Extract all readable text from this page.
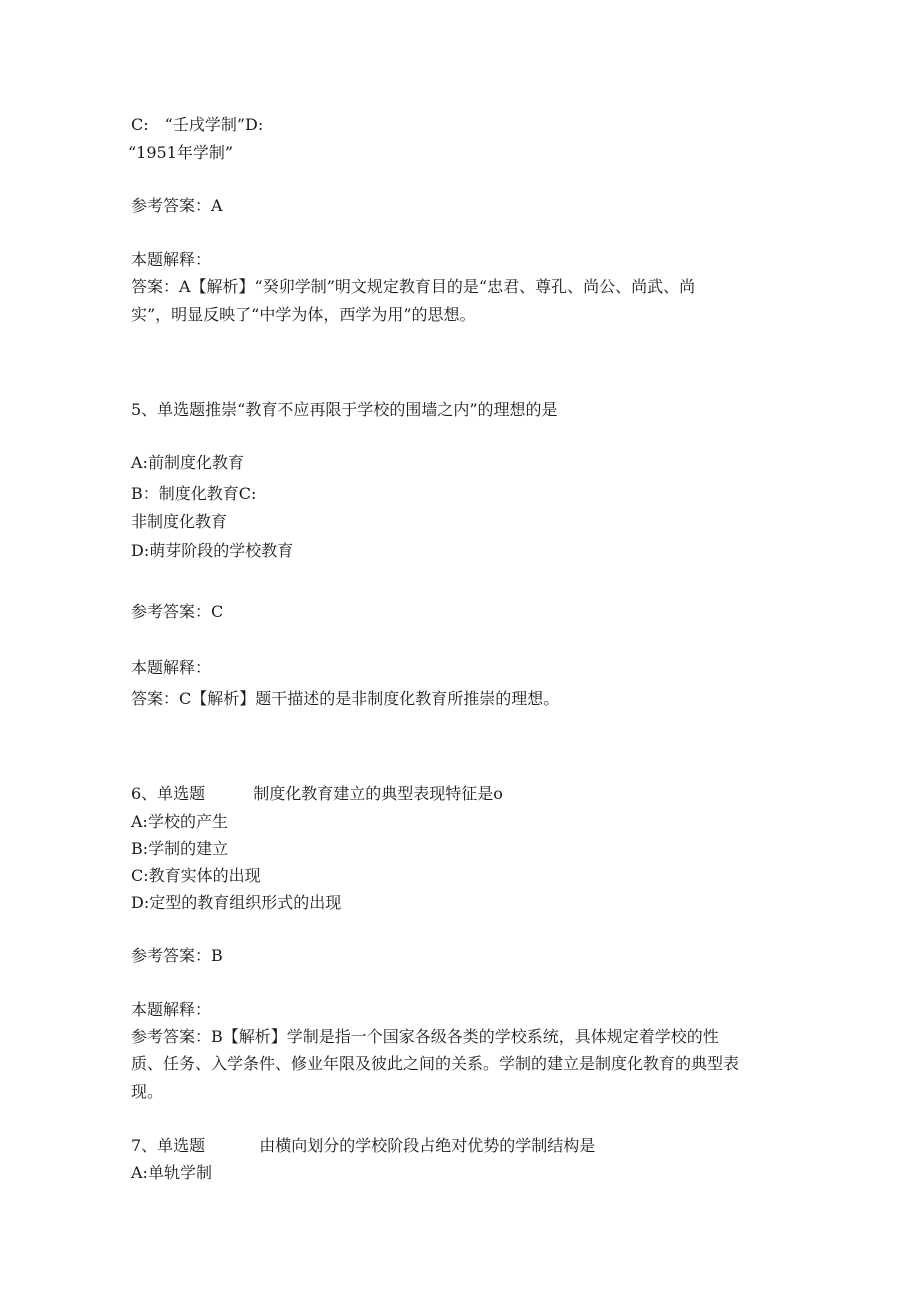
C:　“壬戌学制”D:
“1951年学制”
参考答案：A
本题解释：
答案：A【解析】“癸卯学制”明文规定教育目的是“忠君、尊孔、尚公、尚武、尚
实”，明显反映了“中学为体，西学为用”的思想。
5、单选题推崇“教育不应再限于学校的围墙之内”的理想的是
A:前制度化教育
B：制度化教育C:
非制度化教育
D:萌芽阶段的学校教育
参考答案：C
本题解释：
答案：C【解析】题干描述的是非制度化教育所推崇的理想。
6、单选题	制度化教育建立的典型表现特征是o
A:学校的产生
B:学制的建立
C:教育实体的出现
D:定型的教育组织形式的出现
参考答案：B
本题解释：
参考答案：B【解析】学制是指一个国家各级各类的学校系统，具体规定着学校的性
质、任务、入学条件、修业年限及彼此之间的关系。学制的建立是制度化教育的典型表
现。
7、单选题	由横向划分的学校阶段占绝对优势的学制结构是
A:单轨学制
